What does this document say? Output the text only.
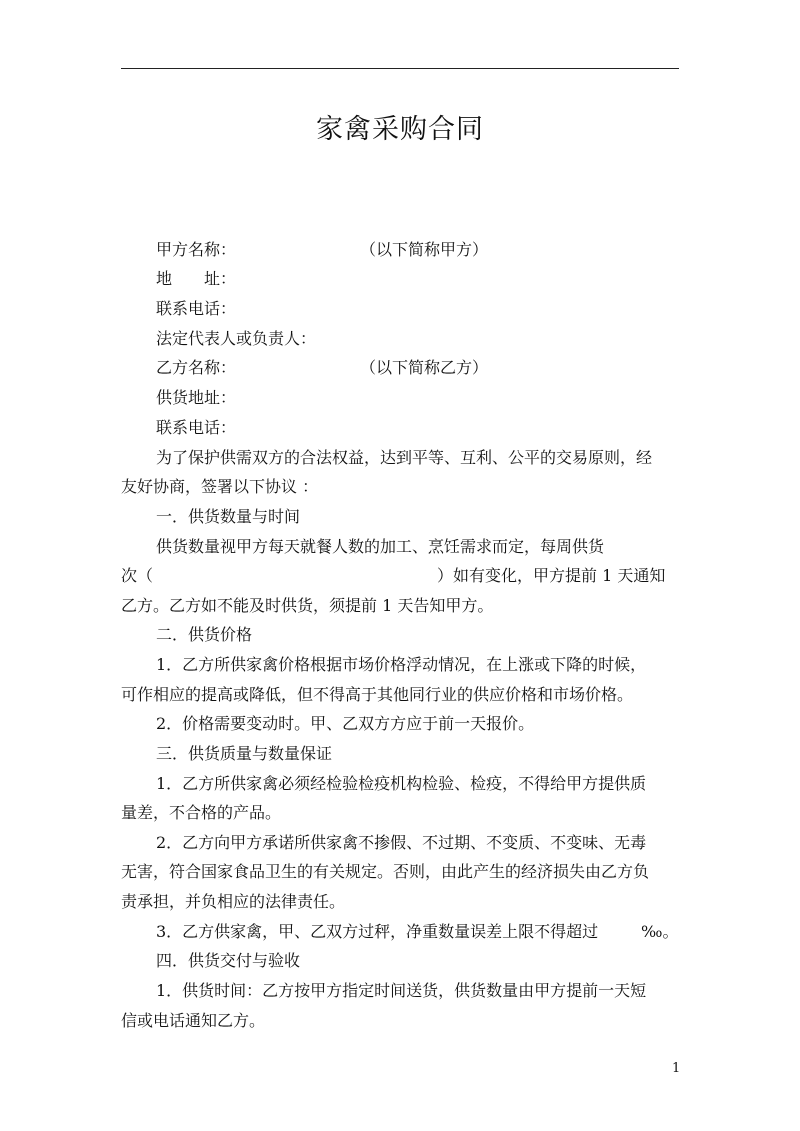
家禽采购合同
甲方名称：	（以下简称甲方）
地　　址：
联系电话：
法定代表人或负责人：
乙方名称：	（以下简称乙方）
供货地址：
联系电话：
为了保护供需双方的合法权益，达到平等、互利、公平的交易原则，经
友好协商，签署以下协议 ：
一．供货数量与时间
供货数量视甲方每天就餐人数的加工、烹饪需求而定，每周供货
次（	）如有变化，甲方提前 1 天通知
乙方。乙方如不能及时供货，须提前 1 天告知甲方。
二．供货价格
1．乙方所供家禽价格根据市场价格浮动情况，在上涨或下降的时候，
可作相应的提高或降低，但不得高于其他同行业的供应价格和市场价格。
2．价格需要变动时。甲、乙双方方应于前一天报价。
三．供货质量与数量保证
1．乙方所供家禽必须经检验检疫机构检验、检疫，不得给甲方提供质
量差，不合格的产品。
2．乙方向甲方承诺所供家禽不掺假、不过期、不变质、不变味、无毒
无害，符合国家食品卫生的有关规定。否则，由此产生的经济损失由乙方负
责承担，并负相应的法律责任。
3．乙方供家禽，甲、乙双方过秤，净重数量误差上限不得超过	‰。
四．供货交付与验收
1．供货时间：乙方按甲方指定时间送货，供货数量由甲方提前一天短
信或电话通知乙方。
1
